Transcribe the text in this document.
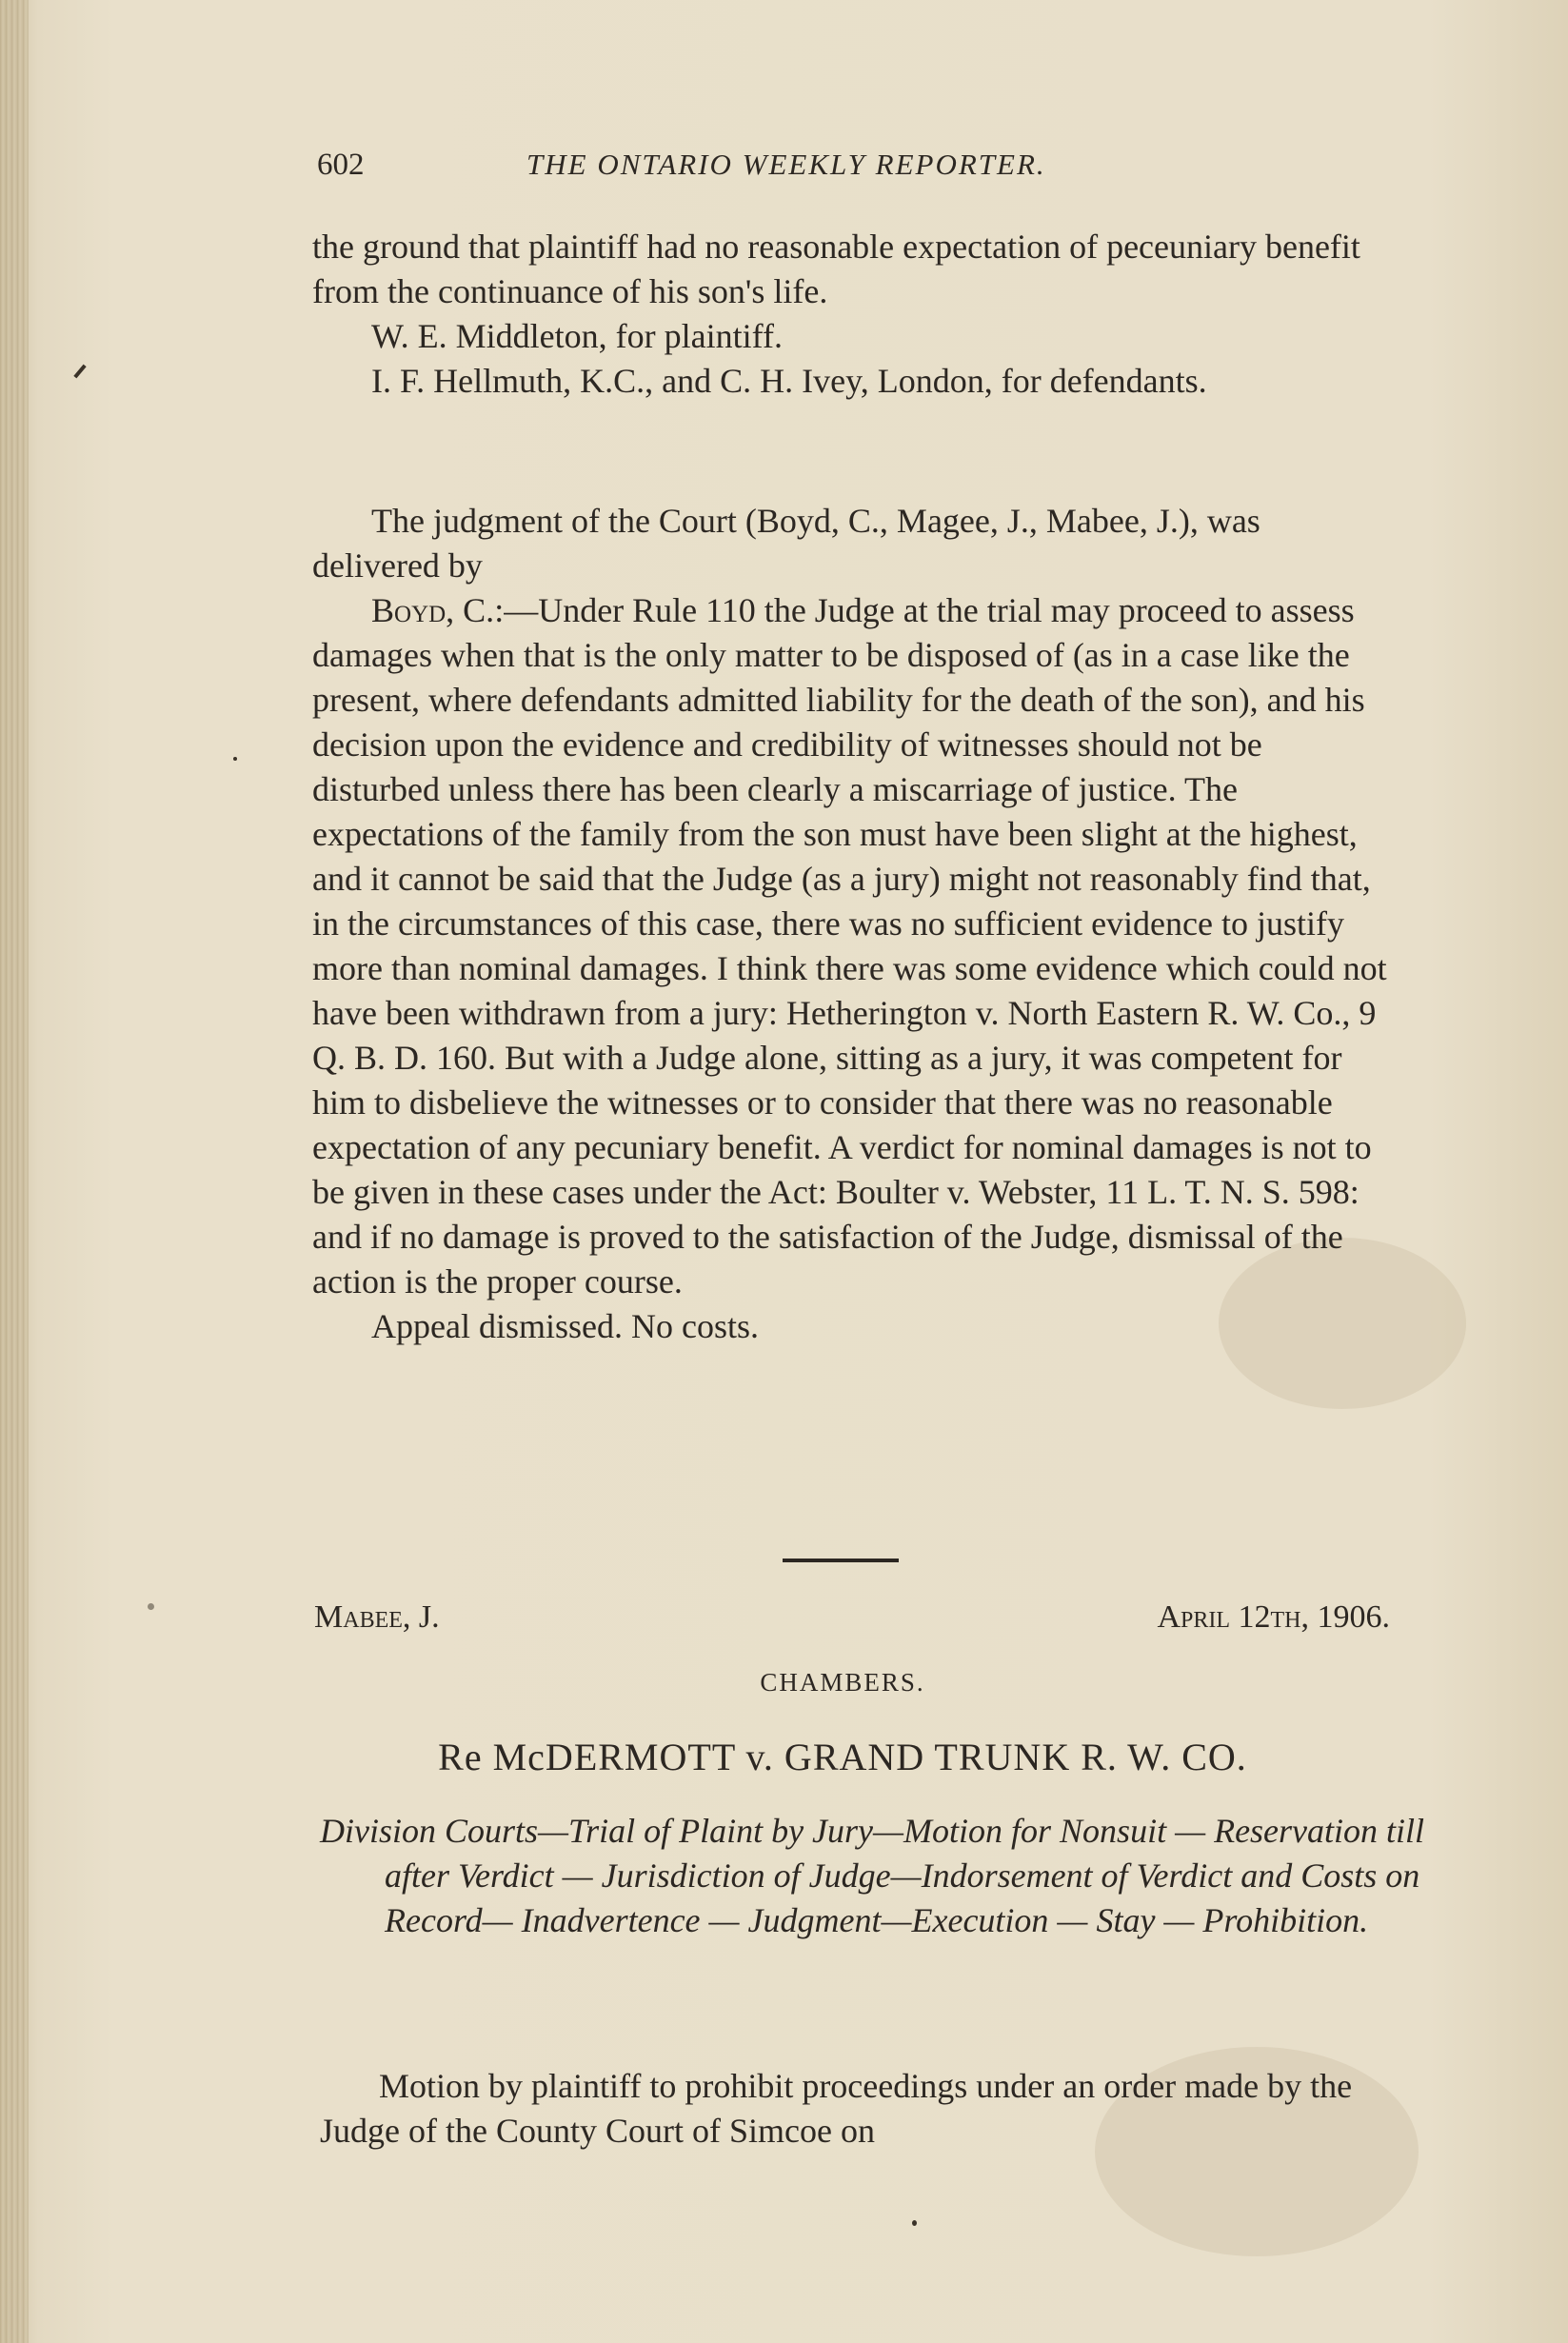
602	THE ONTARIO WEEKLY REPORTER.

the ground that plaintiff had no reasonable expectation of peceuniary benefit from the continuance of his son's life.

W. E. Middleton, for plaintiff.

I. F. Hellmuth, K.C., and C. H. Ivey, London, for defendants.

The judgment of the Court (Boyd, C., Magee, J., Mabee, J.), was delivered by

Boyd, C.:—Under Rule 110 the Judge at the trial may proceed to assess damages when that is the only matter to be disposed of (as in a case like the present, where defendants admitted liability for the death of the son), and his decision upon the evidence and credibility of witnesses should not be disturbed unless there has been clearly a miscarriage of justice. The expectations of the family from the son must have been slight at the highest, and it cannot be said that the Judge (as a jury) might not reasonably find that, in the circumstances of this case, there was no sufficient evidence to justify more than nominal damages. I think there was some evidence which could not have been withdrawn from a jury: Hetherington v. North Eastern R. W. Co., 9 Q. B. D. 160. But with a Judge alone, sitting as a jury, it was competent for him to disbelieve the witnesses or to consider that there was no reasonable expectation of any pecuniary benefit. A verdict for nominal damages is not to be given in these cases under the Act: Boulter v. Webster, 11 L. T. N. S. 598: and if no damage is proved to the satisfaction of the Judge, dismissal of the action is the proper course.

Appeal dismissed. No costs.

Mabee, J.	April 12th, 1906.
CHAMBERS.
Re McDERMOTT v. GRAND TRUNK R. W. CO.

Division Courts—Trial of Plaint by Jury—Motion for Nonsuit — Reservation till after Verdict — Jurisdiction of Judge—Indorsement of Verdict and Costs on Record— Inadvertence — Judgment—Execution — Stay — Prohibition.

Motion by plaintiff to prohibit proceedings under an order made by the Judge of the County Court of Simcoe on
